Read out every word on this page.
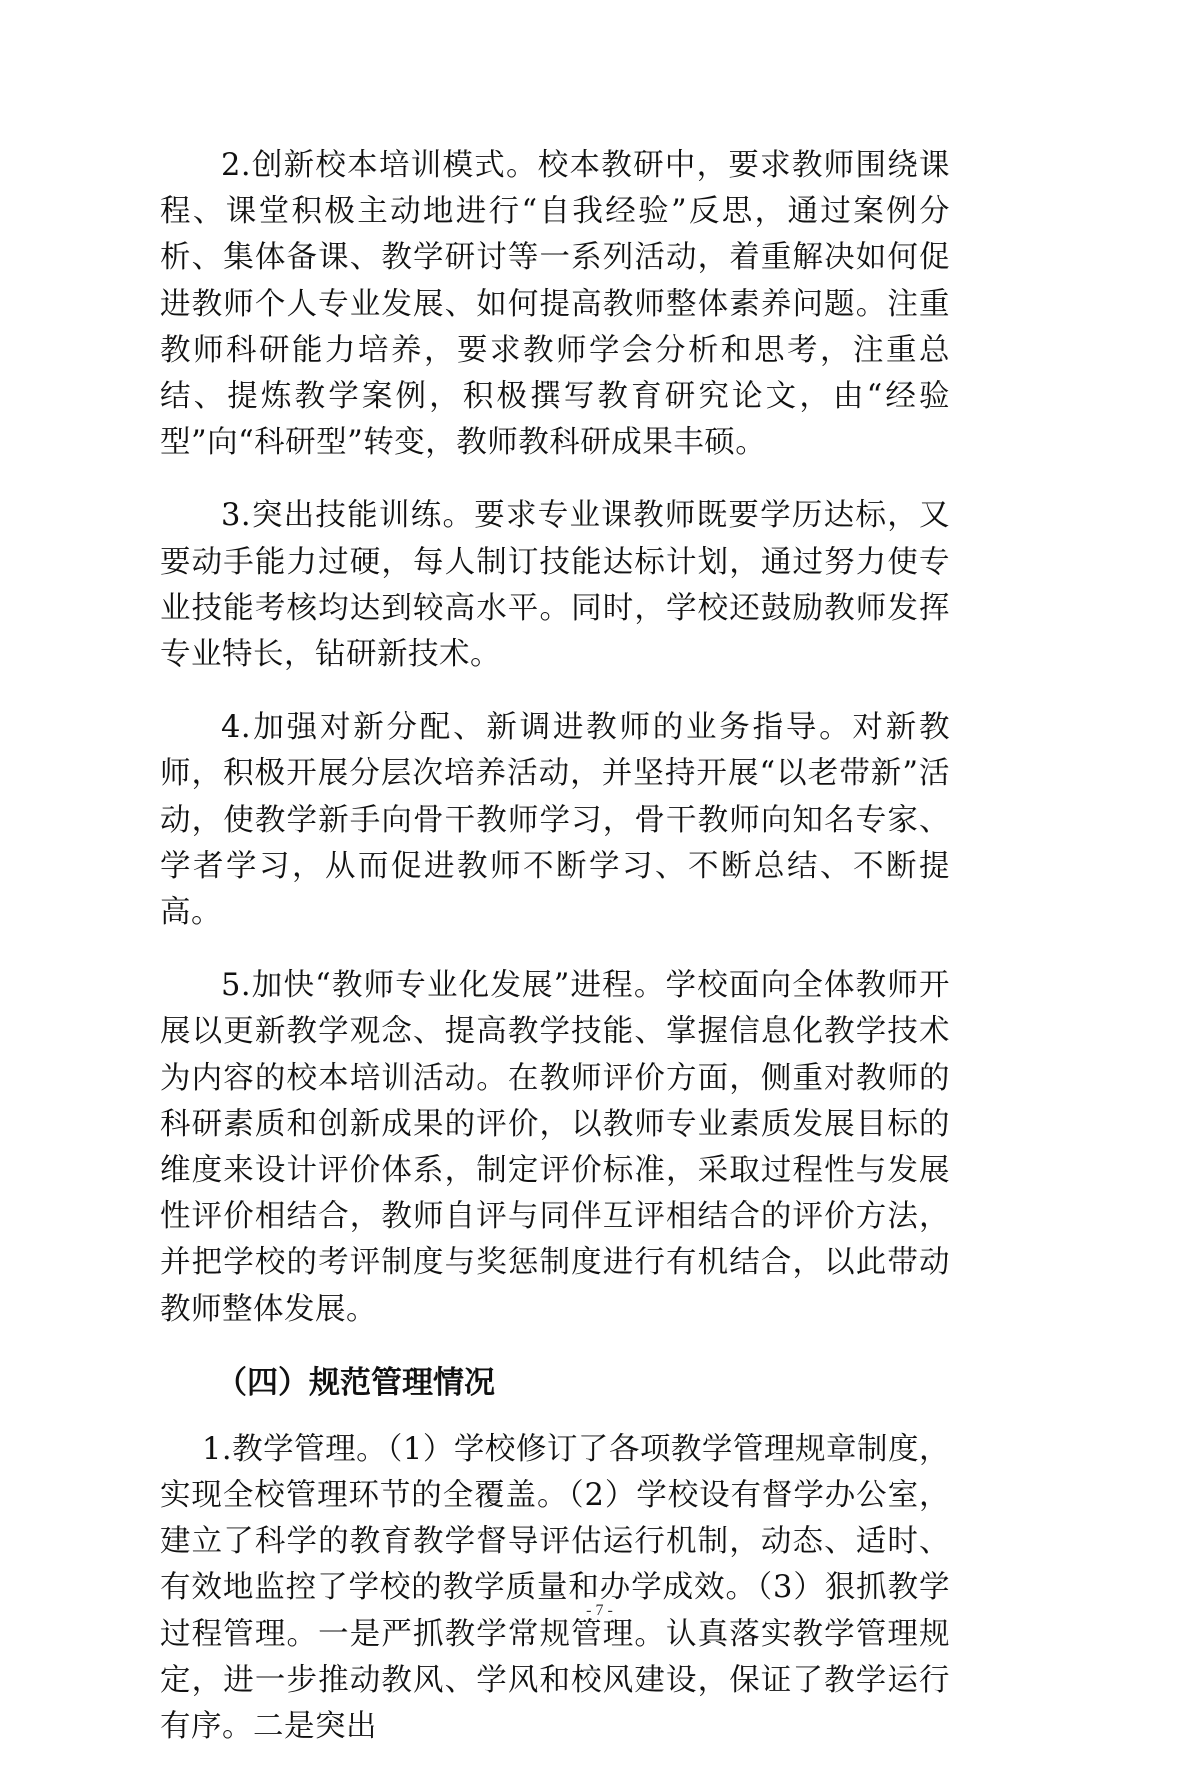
2.创新校本培训模式。校本教研中，要求教师围绕课程、课堂积极主动地进行“自我经验”反思，通过案例分析、集体备课、教学研讨等一系列活动，着重解决如何促进教师个人专业发展、如何提高教师整体素养问题。注重教师科研能力培养，要求教师学会分析和思考，注重总结、提炼教学案例，积极撰写教育研究论文，由“经验型”向“科研型”转变，教师教科研成果丰硕。

3.突出技能训练。要求专业课教师既要学历达标，又要动手能力过硬，每人制订技能达标计划，通过努力使专业技能考核均达到较高水平。同时，学校还鼓励教师发挥专业特长，钻研新技术。

4.加强对新分配、新调进教师的业务指导。对新教师，积极开展分层次培养活动，并坚持开展“以老带新”活动，使教学新手向骨干教师学习，骨干教师向知名专家、学者学习，从而促进教师不断学习、不断总结、不断提高。

5.加快“教师专业化发展”进程。学校面向全体教师开展以更新教学观念、提高教学技能、掌握信息化教学技术为内容的校本培训活动。在教师评价方面，侧重对教师的科研素质和创新成果的评价，以教师专业素质发展目标的维度来设计评价体系，制定评价标准，采取过程性与发展性评价相结合，教师自评与同伴互评相结合的评价方法，并把学校的考评制度与奖惩制度进行有机结合，以此带动教师整体发展。

（四）规范管理情况

1.教学管理。（1）学校修订了各项教学管理规章制度，实现全校管理环节的全覆盖。（2）学校设有督学办公室，建立了科学的教育教学督导评估运行机制，动态、适时、有效地监控了学校的教学质量和办学成效。（3）狠抓教学过程管理。一是严抓教学常规管理。认真落实教学管理规定，进一步推动教风、学风和校风建设，保证了教学运行有序。二是突出

- 7 -
